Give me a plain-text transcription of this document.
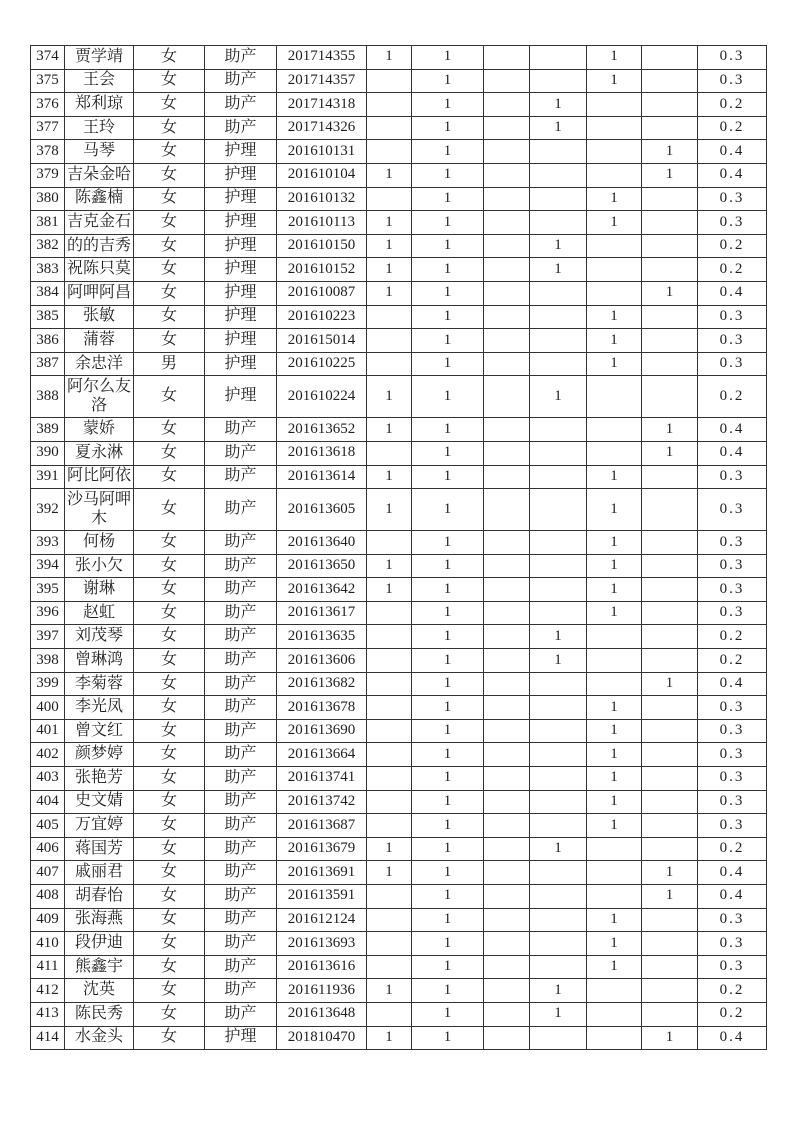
374	贾学靖	女	助产	201714355	1	1			1		0.3
375	王会	女	助产	201714357		1			1		0.3
376	郑利琼	女	助产	201714318		1		1			0.2
377	王玲	女	助产	201714326		1		1			0.2
378	马琴	女	护理	201610131		1				1	0.4
379	吉朵金哈	女	护理	201610104	1	1				1	0.4
380	陈鑫楠	女	护理	201610132		1			1		0.3
381	吉克金石	女	护理	201610113	1	1			1		0.3
382	的的吉秀	女	护理	201610150	1	1		1			0.2
383	祝陈只莫	女	护理	201610152	1	1		1			0.2
384	阿呷阿昌	女	护理	201610087	1	1				1	0.4
385	张敏	女	护理	201610223		1			1		0.3
386	蒲蓉	女	护理	201615014		1			1		0.3
387	余忠洋	男	护理	201610225		1			1		0.3
388	阿尔么友洛	女	护理	201610224	1	1		1			0.2
389	蒙娇	女	助产	201613652	1	1				1	0.4
390	夏永淋	女	助产	201613618		1				1	0.4
391	阿比阿依	女	助产	201613614	1	1			1		0.3
392	沙马阿呷木	女	助产	201613605	1	1			1		0.3
393	何杨	女	助产	201613640		1			1		0.3
394	张小欠	女	助产	201613650	1	1			1		0.3
395	谢琳	女	助产	201613642	1	1			1		0.3
396	赵虹	女	助产	201613617		1			1		0.3
397	刘茂琴	女	助产	201613635		1		1			0.2
398	曾琳鸿	女	助产	201613606		1		1			0.2
399	李菊蓉	女	助产	201613682		1				1	0.4
400	李光凤	女	助产	201613678		1			1		0.3
401	曾文红	女	助产	201613690		1			1		0.3
402	颜梦婷	女	助产	201613664		1			1		0.3
403	张艳芳	女	助产	201613741		1			1		0.3
404	史文婧	女	助产	201613742		1			1		0.3
405	万宜婷	女	助产	201613687		1			1		0.3
406	蒋国芳	女	助产	201613679	1	1		1			0.2
407	戚丽君	女	助产	201613691	1	1				1	0.4
408	胡春怡	女	助产	201613591		1				1	0.4
409	张海燕	女	助产	201612124		1			1		0.3
410	段伊迪	女	助产	201613693		1			1		0.3
411	熊鑫宇	女	助产	201613616		1			1		0.3
412	沈英	女	助产	201611936	1	1		1			0.2
413	陈民秀	女	助产	201613648		1		1			0.2
414	水金头	女	护理	201810470	1	1				1	0.4
